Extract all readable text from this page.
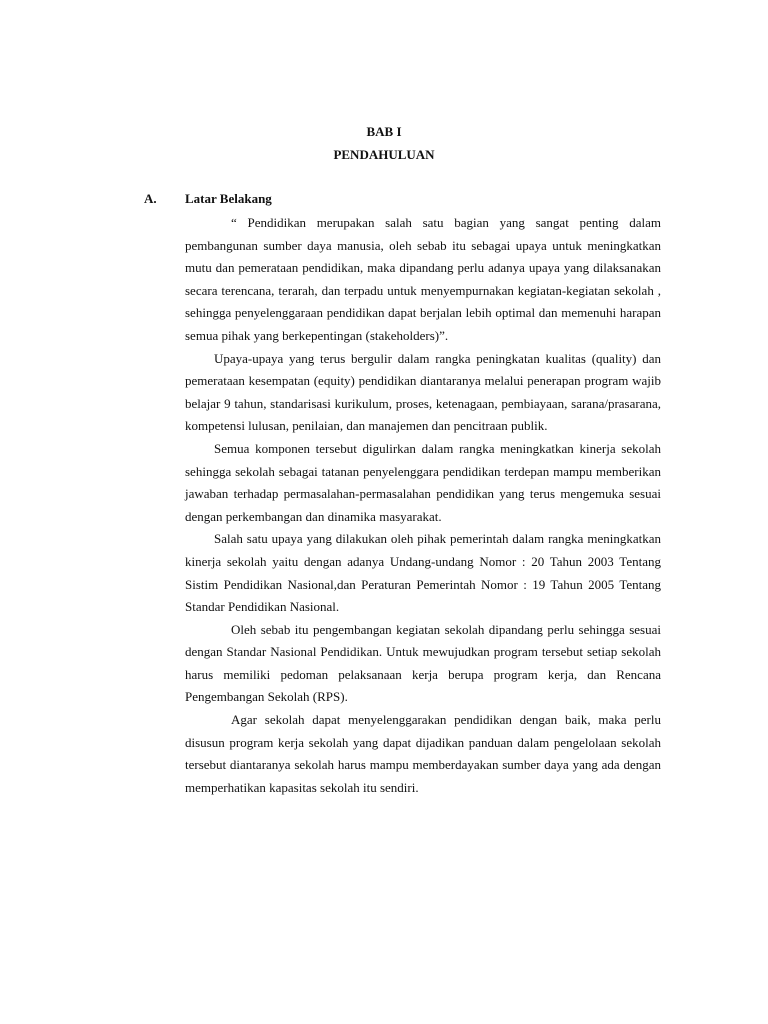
BAB I
PENDAHULUAN
A. Latar Belakang

“ Pendidikan merupakan salah satu bagian yang sangat penting dalam pembangunan sumber daya manusia, oleh sebab itu sebagai upaya untuk meningkatkan mutu dan pemerataan pendidikan, maka dipandang perlu adanya upaya yang dilaksanakan secara terencana, terarah, dan terpadu untuk menyempurnakan kegiatan-kegiatan sekolah , sehingga penyelenggaraan pendidikan dapat berjalan lebih optimal dan memenuhi harapan semua pihak yang berkepentingan (stakeholders)”.

Upaya-upaya yang terus bergulir dalam rangka peningkatan kualitas (quality) dan pemerataan kesempatan (equity) pendidikan diantaranya melalui penerapan program wajib belajar 9 tahun, standarisasi kurikulum, proses, ketenagaan, pembiayaan, sarana/prasarana, kompetensi lulusan, penilaian, dan manajemen dan pencitraan publik.

Semua komponen tersebut digulirkan dalam rangka meningkatkan kinerja sekolah sehingga sekolah sebagai tatanan penyelenggara pendidikan terdepan mampu memberikan jawaban terhadap permasalahan-permasalahan pendidikan yang terus mengemuka sesuai dengan perkembangan dan dinamika masyarakat.

Salah satu upaya yang dilakukan oleh pihak pemerintah dalam rangka meningkatkan kinerja sekolah yaitu dengan adanya Undang-undang Nomor : 20 Tahun 2003 Tentang Sistim Pendidikan Nasional,dan Peraturan Pemerintah Nomor : 19 Tahun 2005 Tentang Standar Pendidikan Nasional.

Oleh sebab itu pengembangan kegiatan sekolah dipandang perlu sehingga sesuai dengan Standar Nasional Pendidikan. Untuk mewujudkan program tersebut setiap sekolah harus memiliki pedoman pelaksanaan kerja berupa program kerja, dan Rencana Pengembangan Sekolah (RPS).

Agar sekolah dapat menyelenggarakan pendidikan dengan baik, maka perlu disusun program kerja sekolah yang dapat dijadikan panduan dalam pengelolaan sekolah tersebut diantaranya sekolah harus mampu memberdayakan sumber daya yang ada dengan memperhatikan kapasitas sekolah itu sendiri.
